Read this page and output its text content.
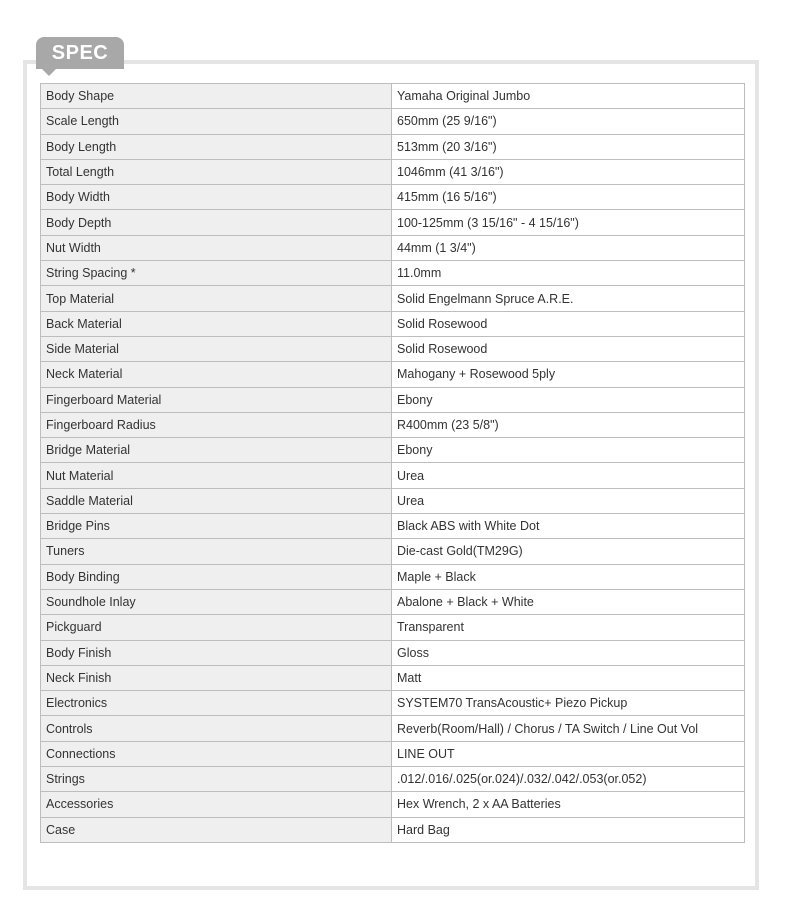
SPEC
Body Shape	Yamaha Original Jumbo
Scale Length	650mm (25 9/16")
Body Length	513mm (20 3/16")
Total Length	1046mm (41 3/16")
Body Width	415mm (16 5/16")
Body Depth	100-125mm (3 15/16" - 4 15/16")
Nut Width	44mm (1 3/4")
String Spacing *	11.0mm
Top Material	Solid Engelmann Spruce A.R.E.
Back Material	Solid Rosewood
Side Material	Solid Rosewood
Neck Material	Mahogany + Rosewood 5ply
Fingerboard Material	Ebony
Fingerboard Radius	R400mm (23 5/8")
Bridge Material	Ebony
Nut Material	Urea
Saddle Material	Urea
Bridge Pins	Black ABS with White Dot
Tuners	Die-cast Gold(TM29G)
Body Binding	Maple + Black
Soundhole Inlay	Abalone + Black + White
Pickguard	Transparent
Body Finish	Gloss
Neck Finish	Matt
Electronics	SYSTEM70 TransAcoustic+ Piezo Pickup
Controls	Reverb(Room/Hall) / Chorus / TA Switch / Line Out Vol
Connections	LINE OUT
Strings	.012/.016/.025(or.024)/.032/.042/.053(or.052)
Accessories	Hex Wrench, 2 x AA Batteries
Case	Hard Bag
